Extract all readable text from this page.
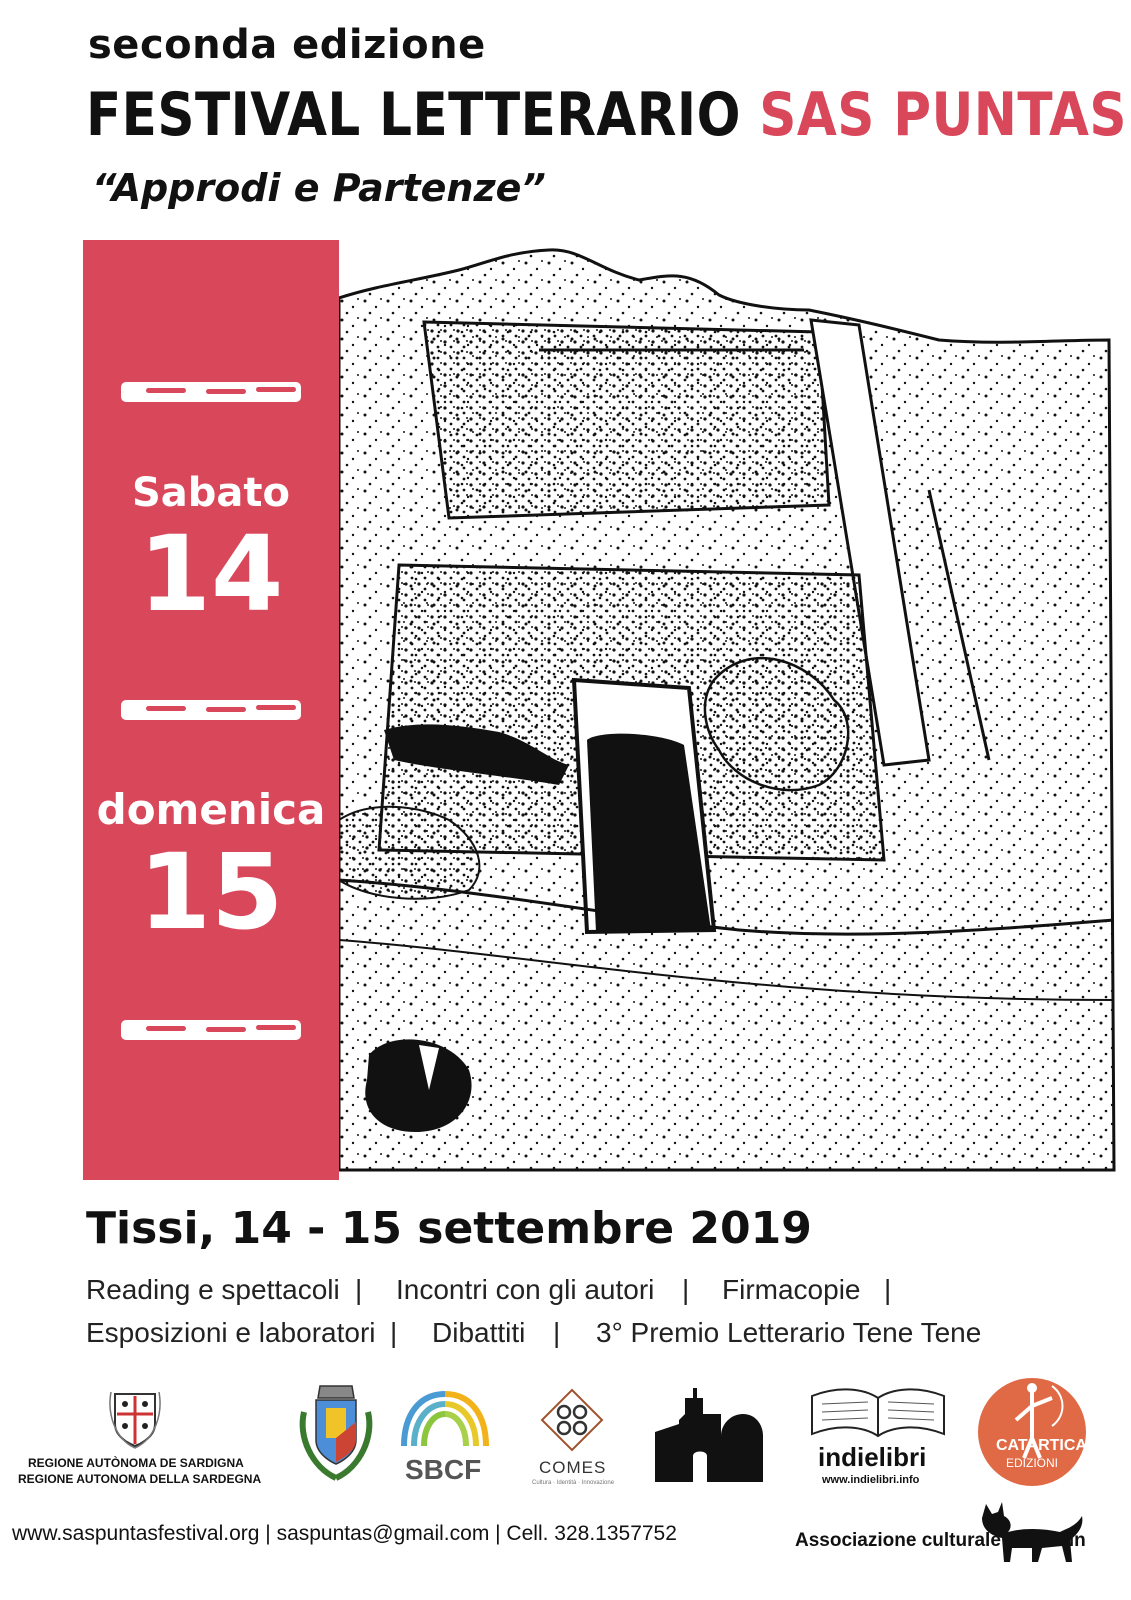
seconda edizione
FESTIVAL LETTERARIO SAS PUNTAS
“Approdi e Partenze”
Sabato
14
domenica
15
Tissi, 14 - 15 settembre 2019
Reading e spettacoli | Incontri con gli autori | Firmacopie |
Esposizioni e laboratori | Dibattiti | 3° Premio Letterario Tene Tene
REGIONE AUTÒNOMA DE SARDIGNA
REGIONE AUTONOMA DELLA SARDEGNA	SBCF	COMES
Cultura · Identità · Innovazione
indielibri
www.indielibri.info
CATARTICA
EDIZIONI
www.saspuntasfestival.org | saspuntas@gmail.com | Cell. 328.1357752	Associazione culturale	Flin
